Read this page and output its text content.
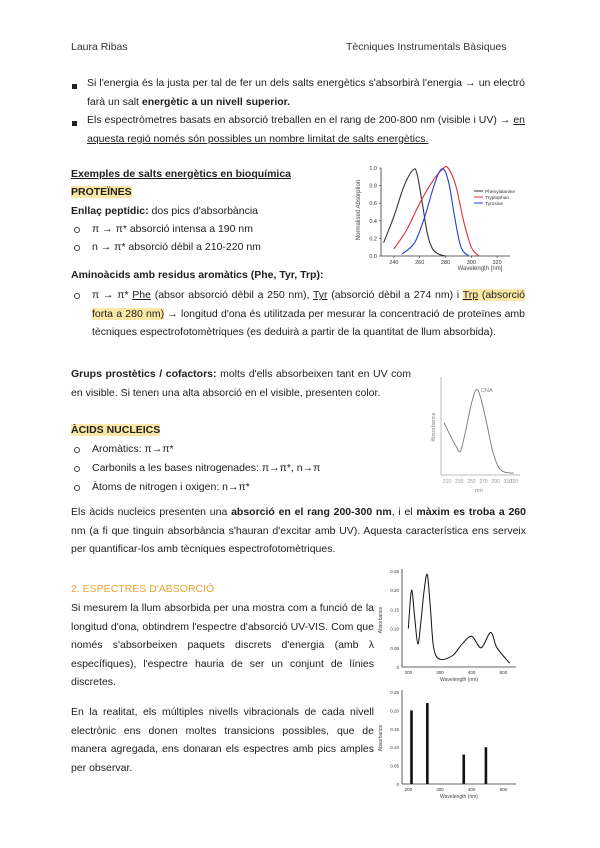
Laura Ribas	Tècniques Instrumentals Bàsiques
Si l'energia és la justa per tal de fer un dels salts energètics s'absorbirà l'energia → un electró farà un salt energètic a un nivell superior.
Els espectròmetres basats en absorció treballen en el rang de 200-800 nm (visible i UV) → en aquesta regió només són possibles un nombre limitat de salts energètics.
Exemples de salts energètics en bioquímica
PROTEÏNES
Enllaç peptídic: dos pics d'absorbància
π → π* absorció intensa a 190 nm
n → π* absorció dèbil a 210-220 nm
Aminoàcids amb residus aromàtics (Phe, Tyr, Trp):
π → π* Phe (absor absorció dèbil a 250 nm), Tyr (absorció dèbil a 274 nm) i Trp (absorció forta a 280 nm) → longitud d'ona és utilitzada per mesurar la concentració de proteïnes amb tècniques espectrofotomètriques (es deduirà a partir de la quantitat de llum absorbida).
Grups prostètics / cofactors: molts d'ells absorbeixen tant en UV com en visible. Si tenen una alta absorció en el visible, presenten color.
ÀCIDS NUCLEICS
Aromàtics: π→π*
Carbonils a les bases nitrogenades: π→π*, n→π
Àtoms de nitrogen i oxigen: n→π*
Els àcids nucleics presenten una absorció en el rang 200-300 nm, i el màxim es troba a 260 nm (a fi que tinguin absorbància s'hauran d'excitar amb UV). Aquesta característica ens serveix per quantificar-los amb tècniques espectrofotomètriques.
2. ESPECTRES D'ABSORCIÓ
Si mesurem la llum absorbida per una mostra com a funció de la longitud d'ona, obtindrem l'espectre d'absorció UV-VIS. Com que només s'absorbeixen paquets discrets d'energia (amb λ específiques), l'espectre hauria de ser un conjunt de línies discretes.
En la realitat, els múltiples nivells vibracionals de cada nivell electrònic ens donen moltes transicions possibles, que de manera agregada, ens donaran els espectres amb pics amples per observar.
Normalised Absorption
0.0
0.2
0.4
0.6
0.8
1.0
240	260	280	300	320
Phenylalanine
Tryptophan
Tyrosine
Wavelength [nm]
Absorbance
210 230 250 270 290 310
320
DNA
nm
Absorbance
0
0.05
0.10
0.15
0.20
0.25
200	300	400	500
Wavelength (nm)
Absorbance
0
0.05
0.10
0.15
0.20
0.25
200	300	400	500
Wavelength (nm)
